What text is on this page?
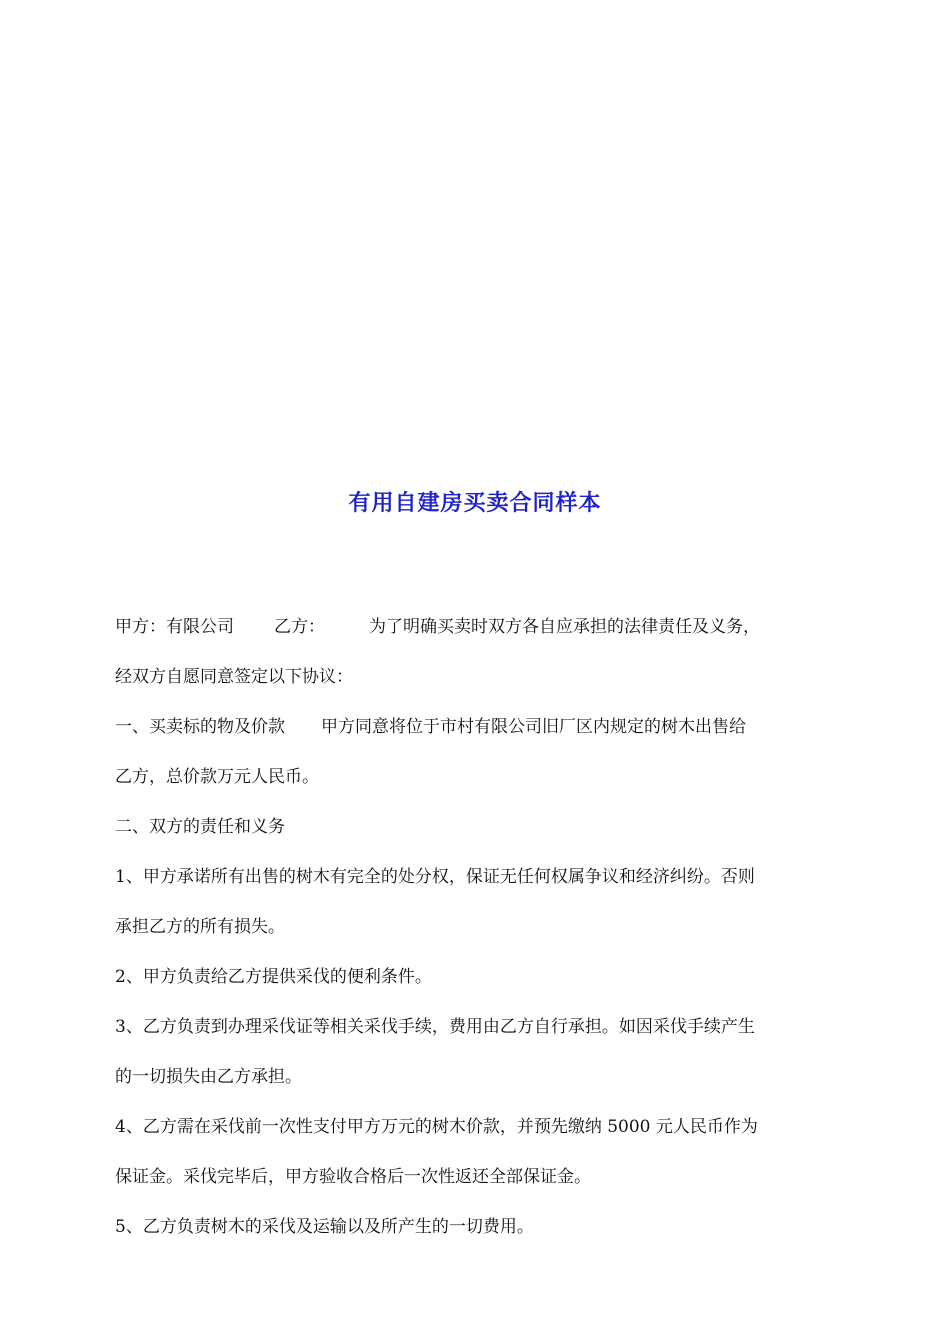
有用自建房买卖合同样本
甲方：有限公司 乙方：	为了明确买卖时双方各自应承担的法律责任及义务，
经双方自愿同意签定以下协议：
一、买卖标的物及价款 甲方同意将位于市村有限公司旧厂区内规定的树木出售给
乙方，总价款万元人民币。
二、双方的责任和义务
1、甲方承诺所有出售的树木有完全的处分权，保证无任何权属争议和经济纠纷。否则
承担乙方的所有损失。
2、甲方负责给乙方提供采伐的便利条件。
3、乙方负责到办理采伐证等相关采伐手续，费用由乙方自行承担。如因采伐手续产生
的一切损失由乙方承担。
4、乙方需在采伐前一次性支付甲方万元的树木价款，并预先缴纳 5000 元人民币作为
保证金。采伐完毕后，甲方验收合格后一次性返还全部保证金。
5、乙方负责树木的采伐及运输以及所产生的一切费用。
